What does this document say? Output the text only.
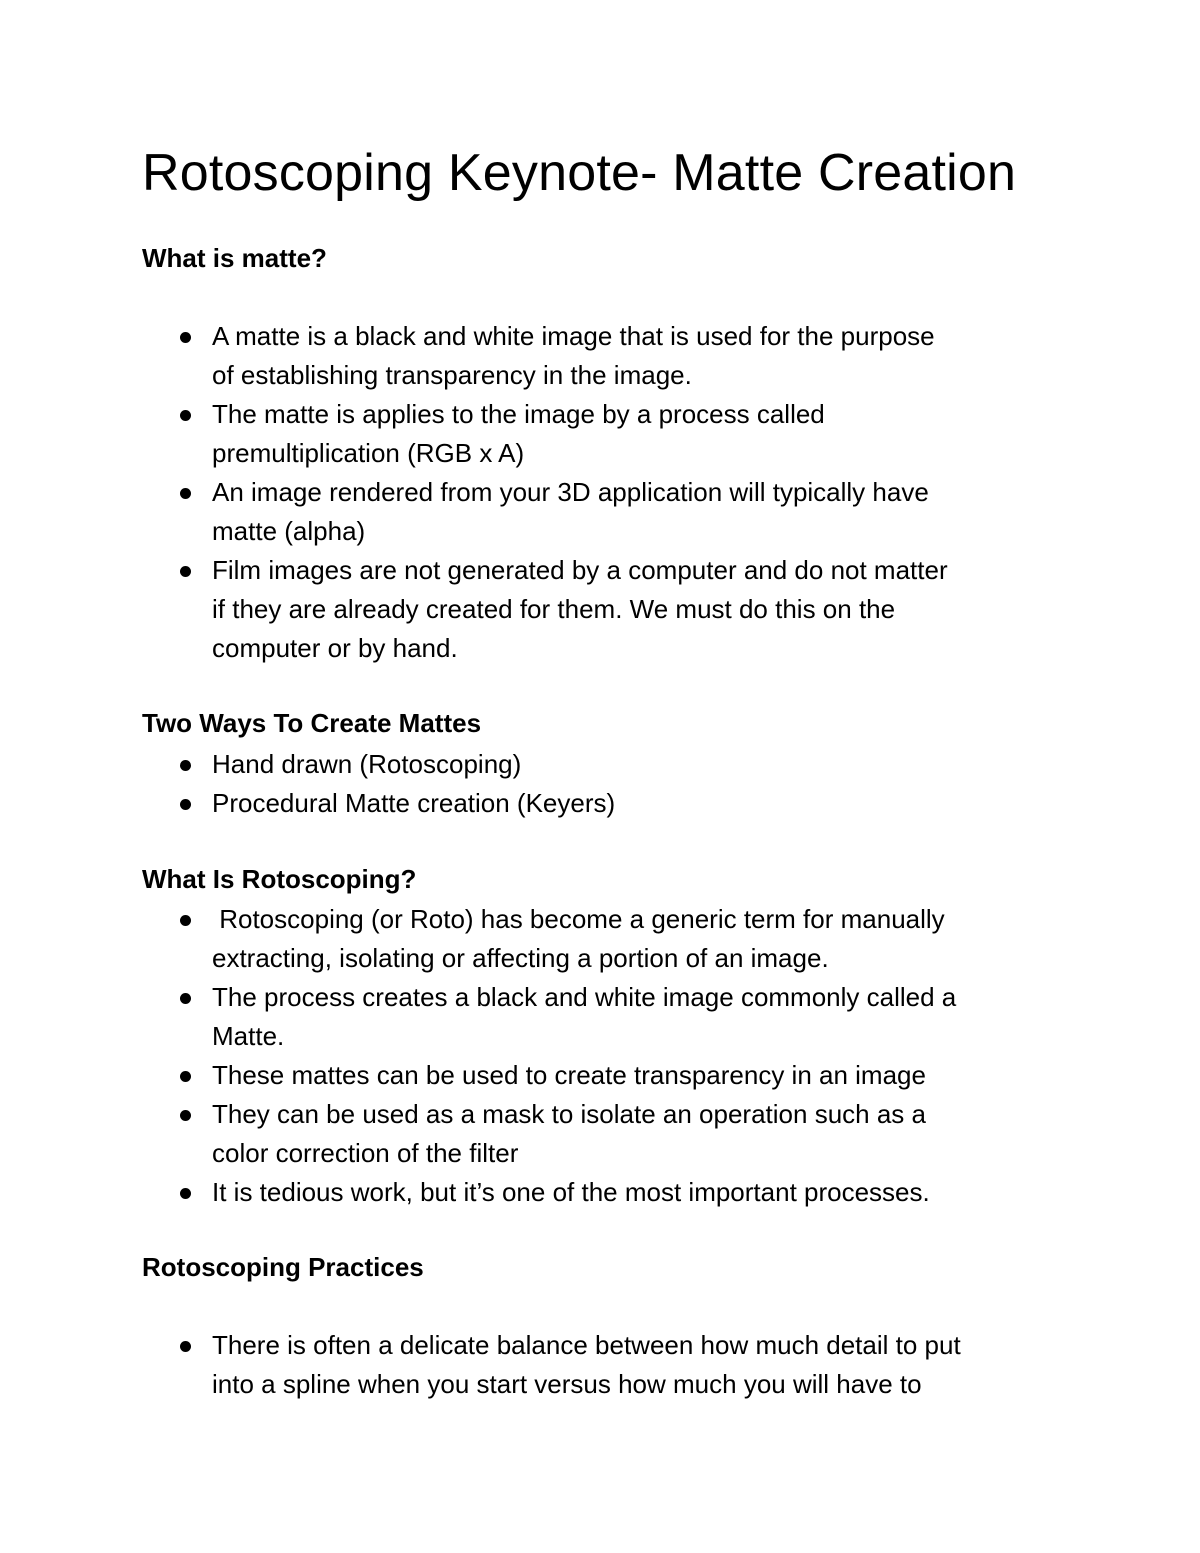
Rotoscoping Keynote- Matte Creation
What is matte?
A matte is a black and white image that is used for the purpose
of establishing transparency in the image.
The matte is applies to the image by a process called
premultiplication (RGB x A)
An image rendered from your 3D application will typically have
matte (alpha)
Film images are not generated by a computer and do not matter
if they are already created for them. We must do this on the
computer or by hand.
Two Ways To Create Mattes
Hand drawn (Rotoscoping)
Procedural Matte creation (Keyers)
What Is Rotoscoping?
Rotoscoping (or Roto) has become a generic term for manually
extracting, isolating or affecting a portion of an image.
The process creates a black and white image commonly called a
Matte.
These mattes can be used to create transparency in an image
They can be used as a mask to isolate an operation such as a
color correction of the filter
It is tedious work, but it’s one of the most important processes.
Rotoscoping Practices
There is often a delicate balance between how much detail to put
into a spline when you start versus how much you will have to
